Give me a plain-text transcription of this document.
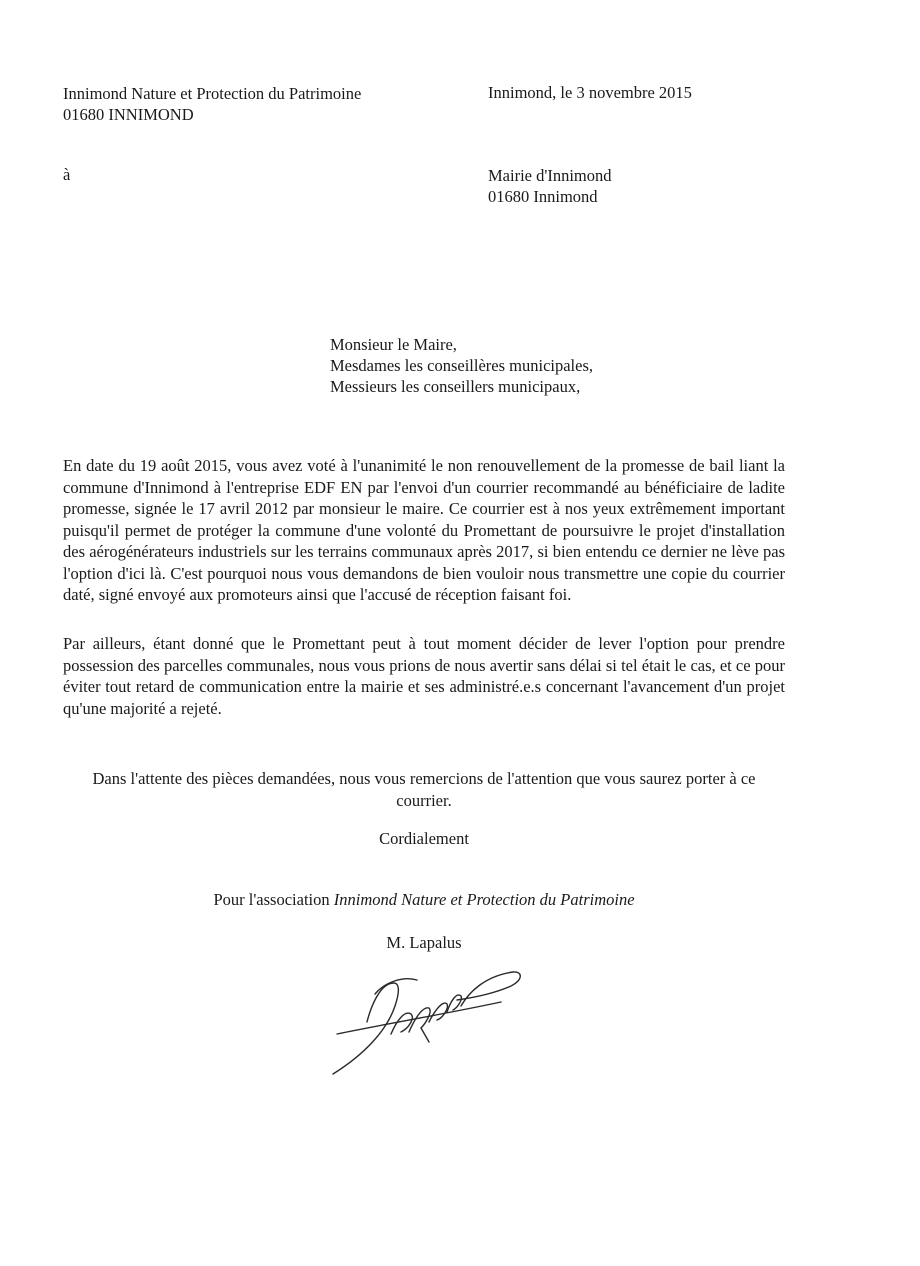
Innimond Nature et Protection du Patrimoine
01680 INNIMOND
Innimond, le 3 novembre 2015
à	Mairie d'Innimond
01680 Innimond
Monsieur le Maire,
Mesdames les conseillères municipales,
Messieurs les conseillers municipaux,

En date du 19 août 2015, vous avez voté à l'unanimité le non renouvellement de la promesse de bail liant la commune d'Innimond à l'entreprise EDF EN par l'envoi d'un courrier recommandé au bénéficiaire de ladite promesse, signée le 17 avril 2012 par monsieur le maire. Ce courrier est à nos yeux extrêmement important puisqu'il permet de protéger la commune d'une volonté du Promettant de poursuivre le projet d'installation des aérogénérateurs industriels sur les terrains communaux après 2017, si bien entendu ce dernier ne lève pas l'option d'ici là. C'est pourquoi nous vous demandons de bien vouloir nous transmettre une copie du courrier daté, signé envoyé aux promoteurs ainsi que l'accusé de réception faisant foi.

Par ailleurs, étant donné que le Promettant peut à tout moment décider de lever l'option pour prendre possession des parcelles communales, nous vous prions de nous avertir sans délai si tel était le cas, et ce pour éviter tout retard de communication entre la mairie et ses administré.e.s concernant l'avancement d'un projet qu'une majorité a rejeté.

Dans l'attente des pièces demandées, nous vous remercions de l'attention que vous saurez porter à ce courrier.

Cordialement

Pour l'association Innimond Nature et Protection du Patrimoine

M. Lapalus
